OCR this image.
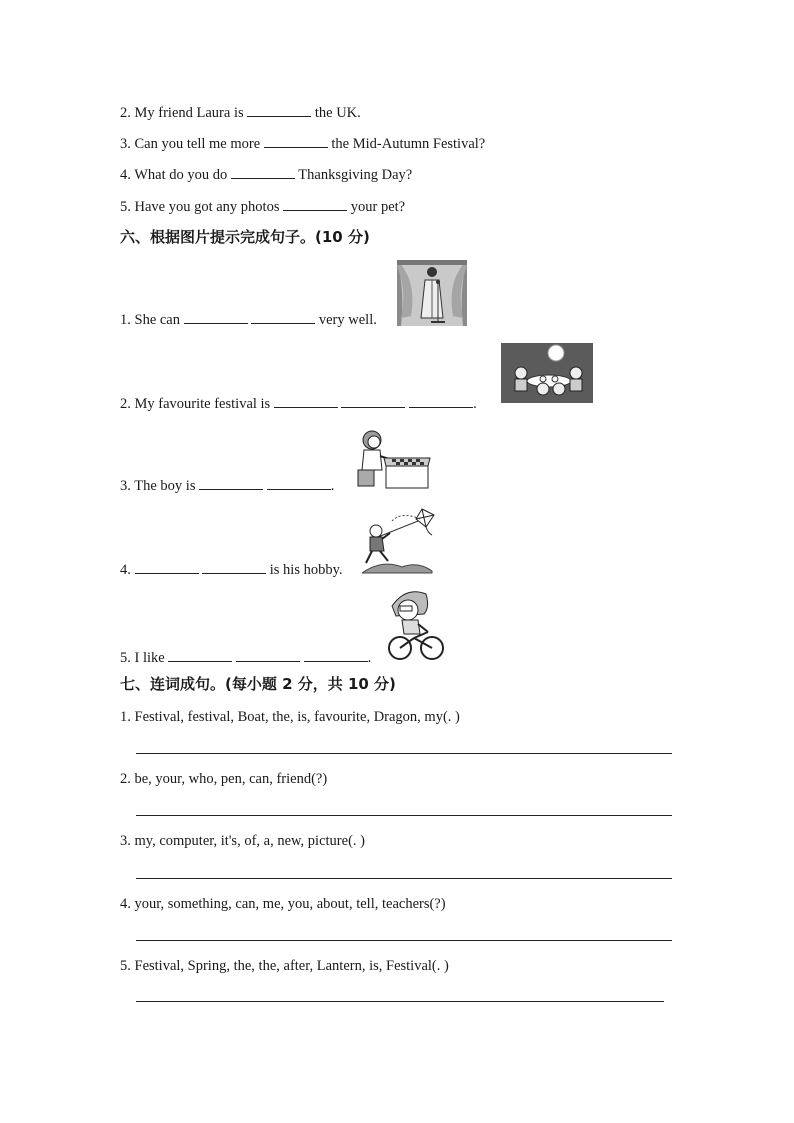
2. My friend Laura is	the UK.
3. Can you tell me more	the Mid-Autumn Festival?
4. What do you do	Thanksgiving Day?
5. Have you got any photos	your pet?
六、根据图片提示完成句子。(10 分)
1. She can	very well.
2. My favourite festival is	.
3. The boy is	.
4.	is his hobby.
5. I like	.
七、连词成句。(每小题 2 分，共 10 分)
1. Festival, festival, Boat, the, is, favourite, Dragon, my(. )
2. be, your, who, pen, can, friend(?)
3. my, computer, it's, of, a, new, picture(. )
4. your, something, can, me, you, about, tell, teachers(?)
5. Festival, Spring, the, the, after, Lantern, is, Festival(. )
